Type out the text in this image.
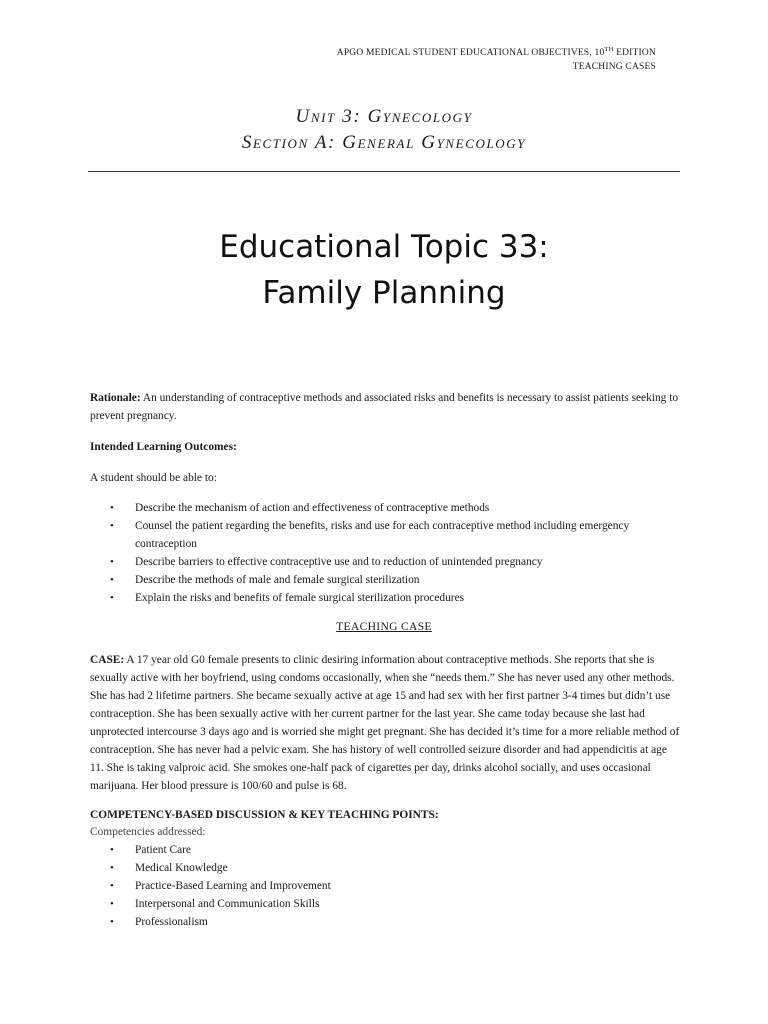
APGO MEDICAL STUDENT EDUCATIONAL OBJECTIVES, 10TH EDITION
TEACHING CASES
Unit 3: Gynecology
Section A: General Gynecology
Educational Topic 33:
Family Planning
Rationale: An understanding of contraceptive methods and associated risks and benefits is necessary to assist patients seeking to prevent pregnancy.
Intended Learning Outcomes:
A student should be able to:
• Describe the mechanism of action and effectiveness of contraceptive methods
• Counsel the patient regarding the benefits, risks and use for each contraceptive method including emergency contraception
• Describe barriers to effective contraceptive use and to reduction of unintended pregnancy
• Describe the methods of male and female surgical sterilization
• Explain the risks and benefits of female surgical sterilization procedures
TEACHING CASE
CASE: A 17 year old G0 female presents to clinic desiring information about contraceptive methods. She reports that she is sexually active with her boyfriend, using condoms occasionally, when she “needs them.” She has never used any other methods. She has had 2 lifetime partners. She became sexually active at age 15 and had sex with her first partner 3-4 times but didn’t use contraception. She has been sexually active with her current partner for the last year. She came today because she last had unprotected intercourse 3 days ago and is worried she might get pregnant. She has decided it’s time for a more reliable method of contraception. She has never had a pelvic exam. She has history of well controlled seizure disorder and had appendicitis at age 11. She is taking valproic acid. She smokes one-half pack of cigarettes per day, drinks alcohol socially, and uses occasional marijuana. Her blood pressure is 100/60 and pulse is 68.
COMPETENCY-BASED DISCUSSION & KEY TEACHING POINTS:
Competencies addressed:
• Patient Care
• Medical Knowledge
• Practice-Based Learning and Improvement
• Interpersonal and Communication Skills
• Professionalism
